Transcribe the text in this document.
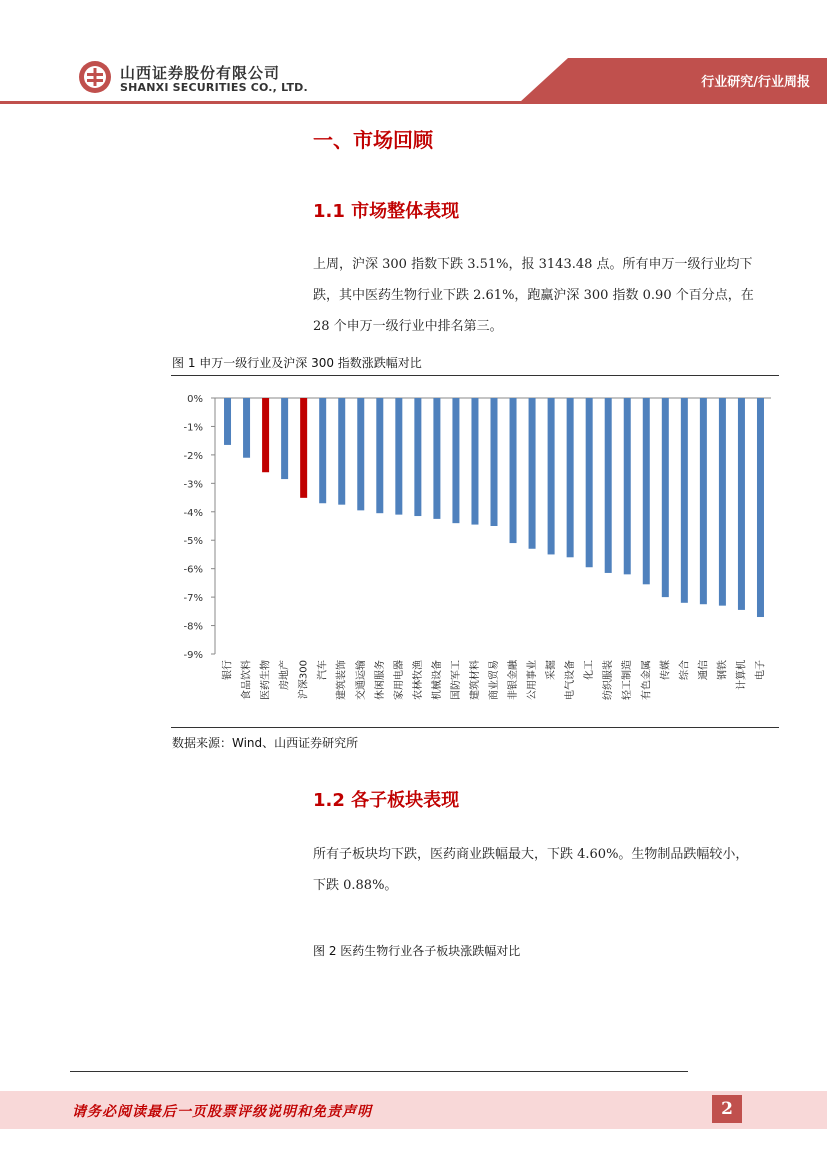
山西证券股份有限公司
SHANXI SECURITIES CO., LTD.	行业研究/行业周报
一、市场回顾
1.1 市场整体表现
上周，沪深 300 指数下跌 3.51%，报 3143.48 点。所有申万一级行业均下跌，其中医药生物行业下跌 2.61%，跑赢沪深 300 指数 0.90 个百分点，在 28 个申万一级行业中排名第三。
图 1 申万一级行业及沪深 300 指数涨跌幅对比
0%
-1%
-2%
-3%
-4%
-5%
-6%
-7%
-8%
-9%
银行 食品饮料 医药生物 房地产 沪深300 汽车 建筑装饰 交通运输 休闲服务 家用电器 农林牧渔 机械设备 国防军工 建筑材料 商业贸易 非银金融 公用事业 采掘 电气设备 化工 纺织服装 轻工制造 有色金属 传媒 综合 通信 钢铁 计算机 电子
数据来源：Wind、山西证券研究所
1.2 各子板块表现
所有子板块均下跌，医药商业跌幅最大，下跌 4.60%。生物制品跌幅较小，下跌 0.88%。
图 2 医药生物行业各子板块涨跌幅对比
请务必阅读最后一页股票评级说明和免责声明	2
